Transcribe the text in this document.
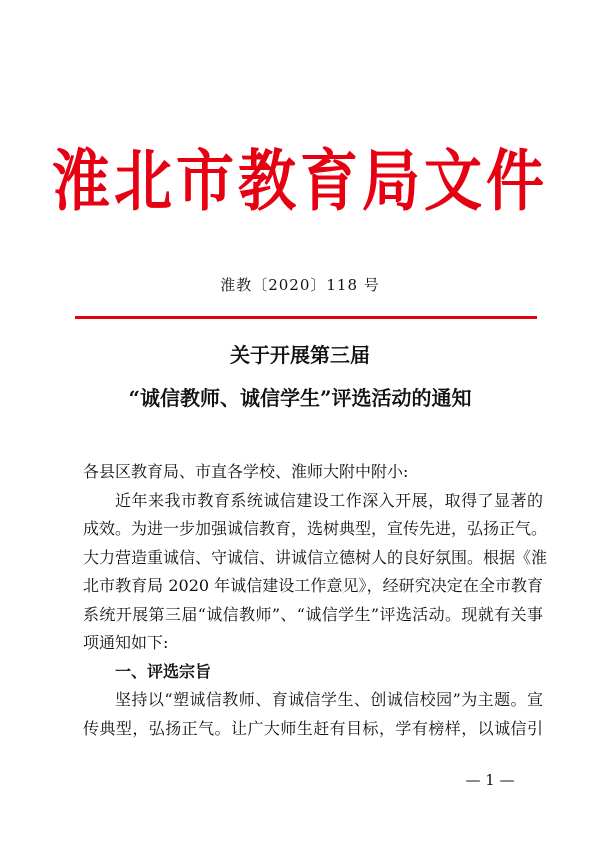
淮北市教育局文件
淮教〔2020〕118 号
关于开展第三届
“诚信教师、诚信学生”评选活动的通知
各县区教育局、市直各学校、淮师大附中附小:
近年来我市教育系统诚信建设工作深入开展，取得了显著的
成效。为进一步加强诚信教育，选树典型，宣传先进，弘扬正气。
大力营造重诚信、守诚信、讲诚信立德树人的良好氛围。根据《淮
北市教育局 2020 年诚信建设工作意见》，经研究决定在全市教育
系统开展第三届“诚信教师”、“诚信学生”评选活动。现就有关事
项通知如下:
一、评选宗旨
坚持以“塑诚信教师、育诚信学生、创诚信校园”为主题。宣
传典型，弘扬正气。让广大师生赶有目标，学有榜样，以诚信引
— 1 —
